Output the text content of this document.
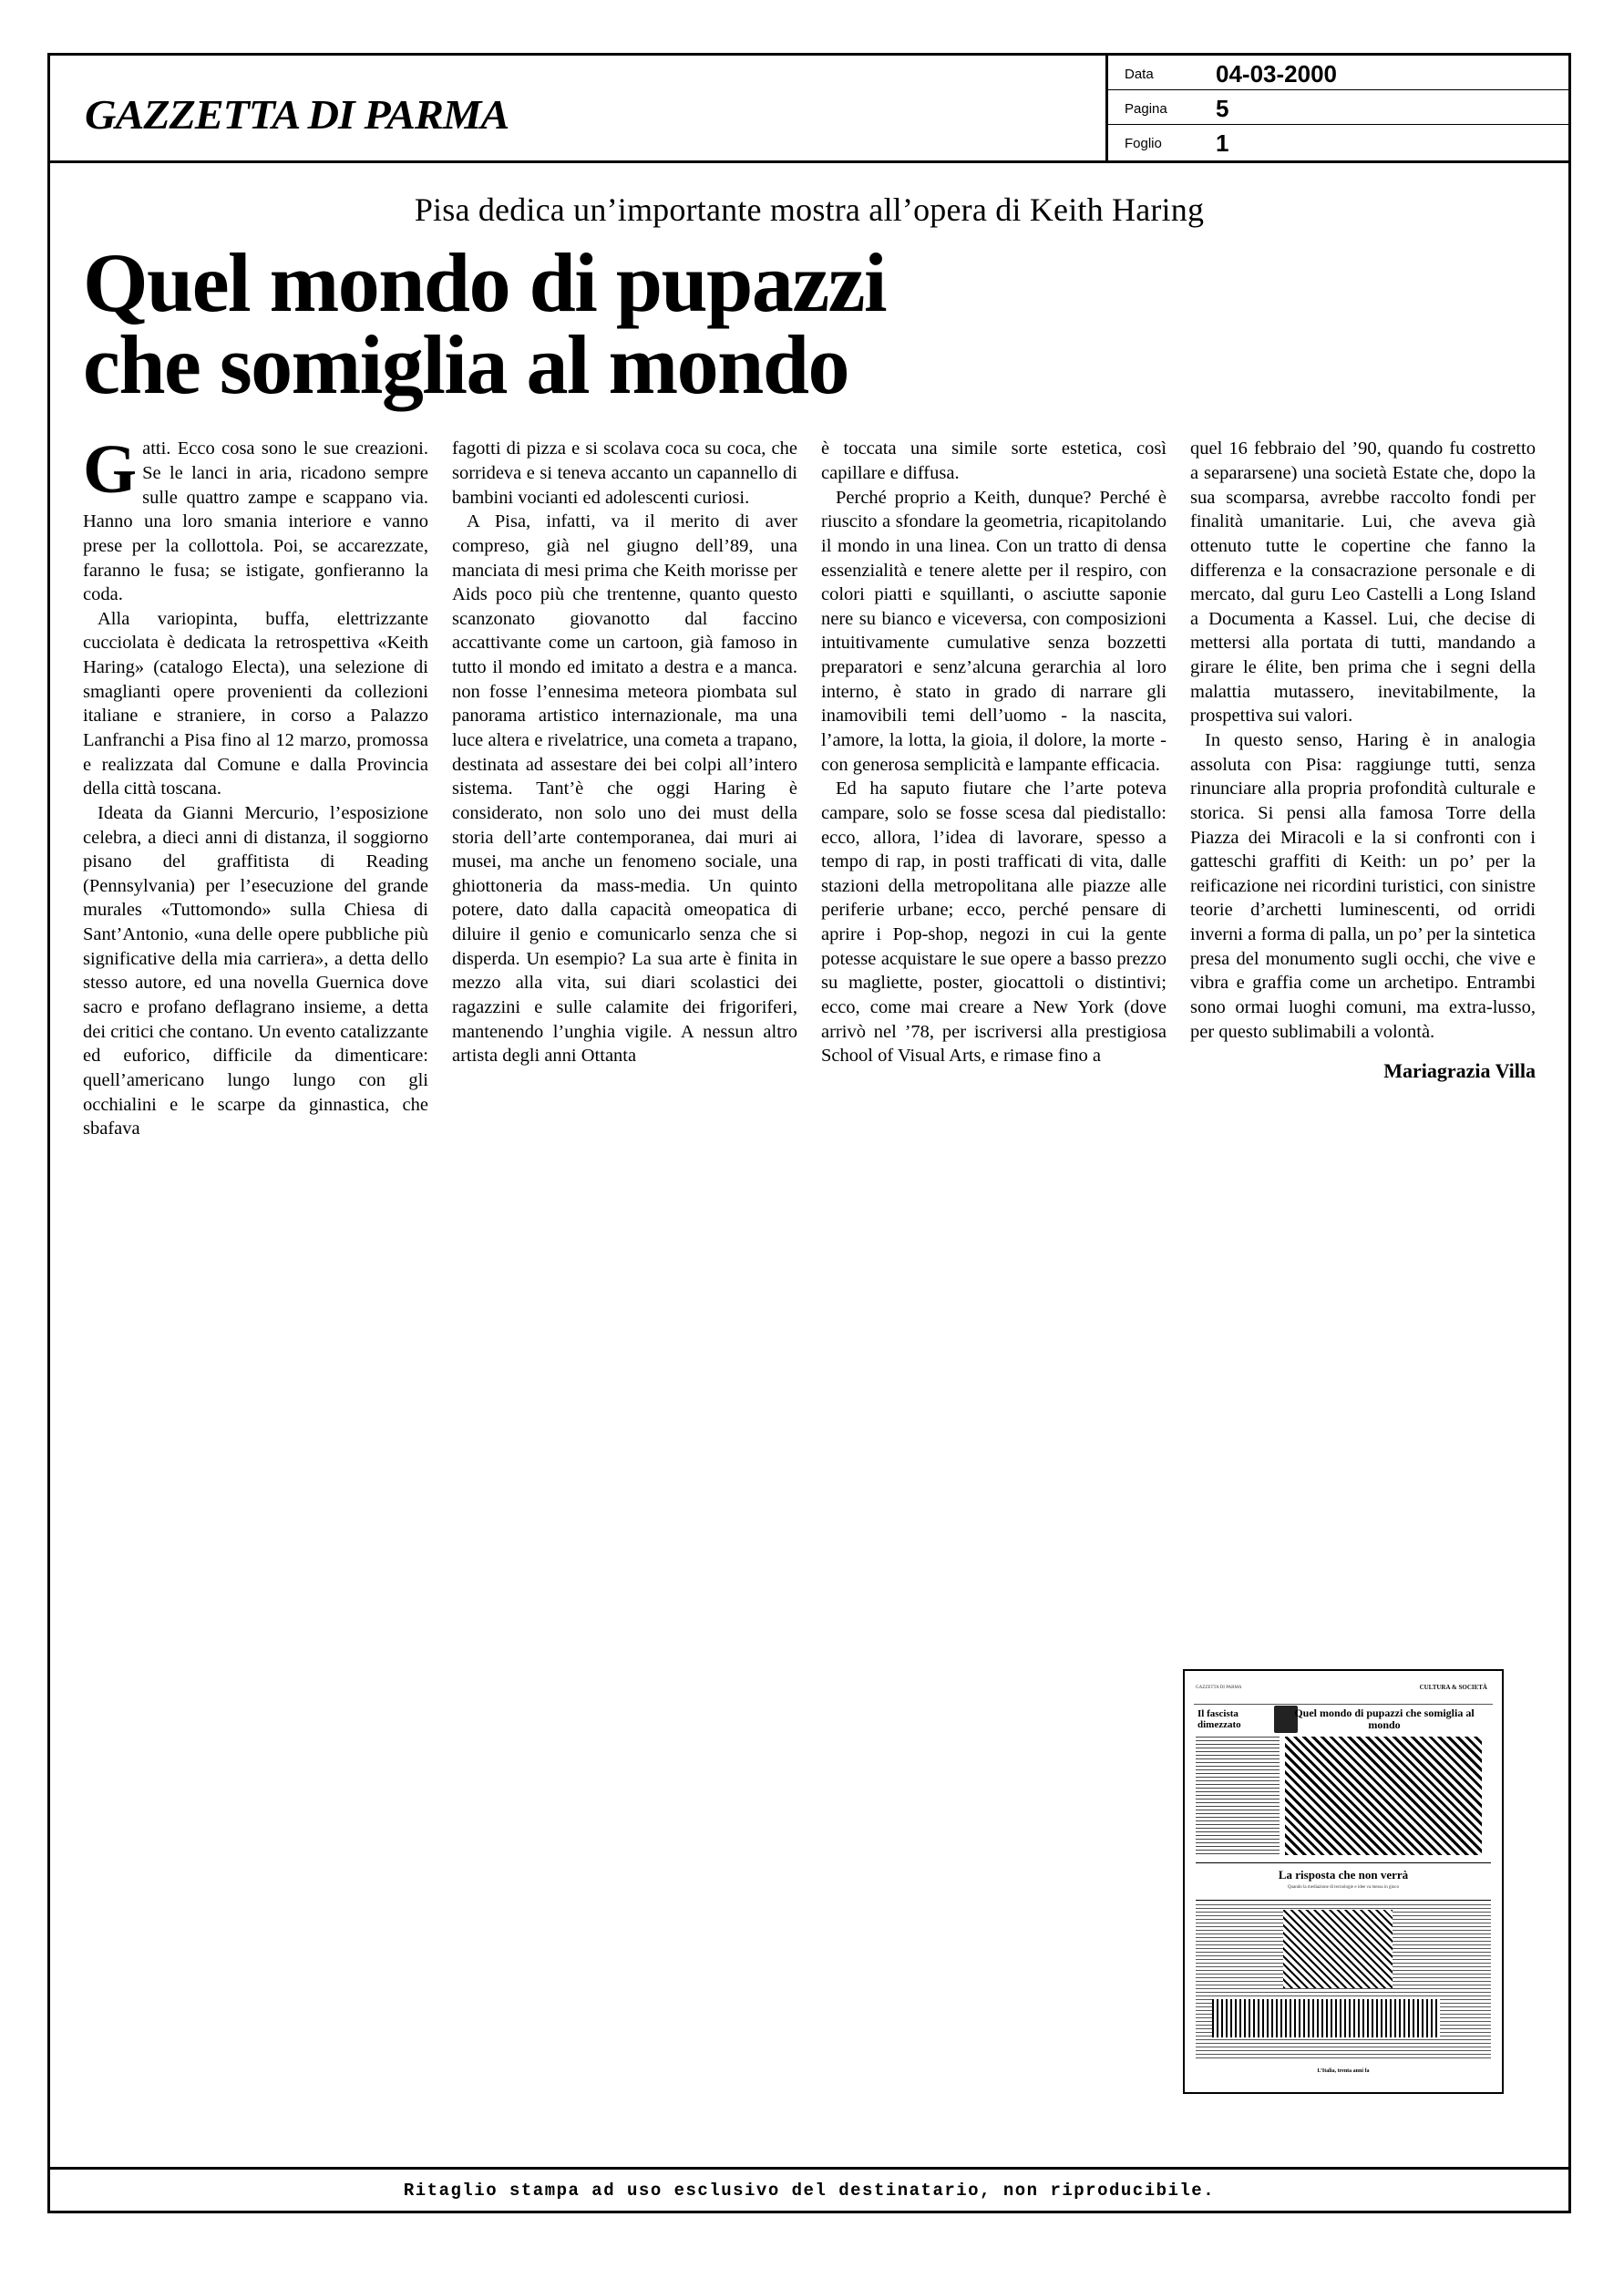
GAZZETTA DI PARMA
Data	04-03-2000
Pagina 5
Foglio 1
Pisa dedica un’importante mostra all’opera di Keith Haring
Quel mondo di pupazzi
che somiglia al mondo

Gatti. Ecco cosa sono le sue creazioni. Se le lanci in aria, ricadono sempre sulle quattro zampe e scappano via. Hanno una loro smania interiore e vanno prese per la collottola. Poi, se accarezzate, faranno le fusa; se istigate, gonfieranno la coda.

Alla variopinta, buffa, elettrizzante cucciolata è dedicata la retrospettiva «Keith Haring» (catalogo Electa), una selezione di smaglianti opere provenienti da collezioni italiane e straniere, in corso a Palazzo Lanfranchi a Pisa fino al 12 marzo, promossa e realizzata dal Comune e dalla Provincia della città toscana.

Ideata da Gianni Mercurio, l’esposizione celebra, a dieci anni di distanza, il soggiorno pisano del graffitista di Reading (Pennsylvania) per l’esecuzione del grande murales «Tuttomondo» sulla Chiesa di Sant’Antonio, «una delle opere pubbliche più significative della mia carriera», a detta dello stesso autore, ed una novella Guernica dove sacro e profano deflagrano insieme, a detta dei critici che contano. Un evento catalizzante ed euforico, difficile da dimenticare: quell’americano lungo lungo con gli occhialini e le scarpe da ginnastica, che sbafava

fagotti di pizza e si scolava coca su coca, che sorrideva e si teneva accanto un capannello di bambini vocianti ed adolescenti curiosi.

A Pisa, infatti, va il merito di aver compreso, già nel giugno dell’89, una manciata di mesi prima che Keith morisse per Aids poco più che trentenne, quanto questo scanzonato giovanotto dal faccino accattivante come un cartoon, già famoso in tutto il mondo ed imitato a destra e a manca. non fosse l’ennesima meteora piombata sul panorama artistico internazionale, ma una luce altera e rivelatrice, una cometa a trapano, destinata ad assestare dei bei colpi all’intero sistema. Tant’è che oggi Haring è considerato, non solo uno dei must della storia dell’arte contemporanea, dai muri ai musei, ma anche un fenomeno sociale, una ghiottoneria da mass-media. Un quinto potere, dato dalla capacità omeopatica di diluire il genio e comunicarlo senza che si disperda. Un esempio? La sua arte è finita in mezzo alla vita, sui diari scolastici dei ragazzini e sulle calamite dei frigoriferi, mantenendo l’unghia vigile. A nessun altro artista degli anni Ottanta

è toccata una simile sorte estetica, così capillare e diffusa.

Perché proprio a Keith, dunque? Perché è riuscito a sfondare la geometria, ricapitolando il mondo in una linea. Con un tratto di densa essenzialità e tenere alette per il respiro, con colori piatti e squillanti, o asciutte saponie nere su bianco e viceversa, con composizioni intuitivamente cumulative senza bozzetti preparatori e senz’alcuna gerarchia al loro interno, è stato in grado di narrare gli inamovibili temi dell’uomo - la nascita, l’amore, la lotta, la gioia, il dolore, la morte - con generosa semplicità e lampante efficacia.

Ed ha saputo fiutare che l’arte poteva campare, solo se fosse scesa dal piedistallo: ecco, allora, l’idea di lavorare, spesso a tempo di rap, in posti trafficati di vita, dalle stazioni della metropolitana alle piazze alle periferie urbane; ecco, perché pensare di aprire i Pop-shop, negozi in cui la gente potesse acquistare le sue opere a basso prezzo su magliette, poster, giocattoli o distintivi; ecco, come mai creare a New York (dove arrivò nel ’78, per iscriversi alla prestigiosa School of Visual Arts, e rimase fino a

quel 16 febbraio del ’90, quando fu costretto a separarsene) una società Estate che, dopo la sua scomparsa, avrebbe raccolto fondi per finalità umanitarie. Lui, che aveva già ottenuto tutte le copertine che fanno la differenza e la consacrazione personale e di mercato, dal guru Leo Castelli a Long Island a Documenta a Kassel. Lui, che decise di mettersi alla portata di tutti, mandando a girare le élite, ben prima che i segni della malattia mutassero, inevitabilmente, la prospettiva sui valori.

In questo senso, Haring è in analogia assoluta con Pisa: raggiunge tutti, senza rinunciare alla propria profondità culturale e storica. Si pensi alla famosa Torre della Piazza dei Miracoli e la si confronti con i gatteschi graffiti di Keith: un po’ per la reificazione nei ricordini turistici, con sinistre teorie d’archetti luminescenti, od orridi inverni a forma di palla, un po’ per la sintetica presa del monumento sugli occhi, che vive e vibra e graffia come un archetipo. Entrambi sono ormai luoghi comuni, ma extra-lusso, per questo sublimabili a volontà.

Mariagrazia Villa
GAZZETTA DI PARMA	CULTURA & SOCIETÀ
Il fascista dimezzato
Quel mondo di pupazzi che somiglia al mondo
La risposta che non verrà
Quando la mediazione di tecnologie e idee va messa in gioco
L’Italia, trenta anni fa
Ritaglio stampa ad uso esclusivo del destinatario, non riproducibile.
